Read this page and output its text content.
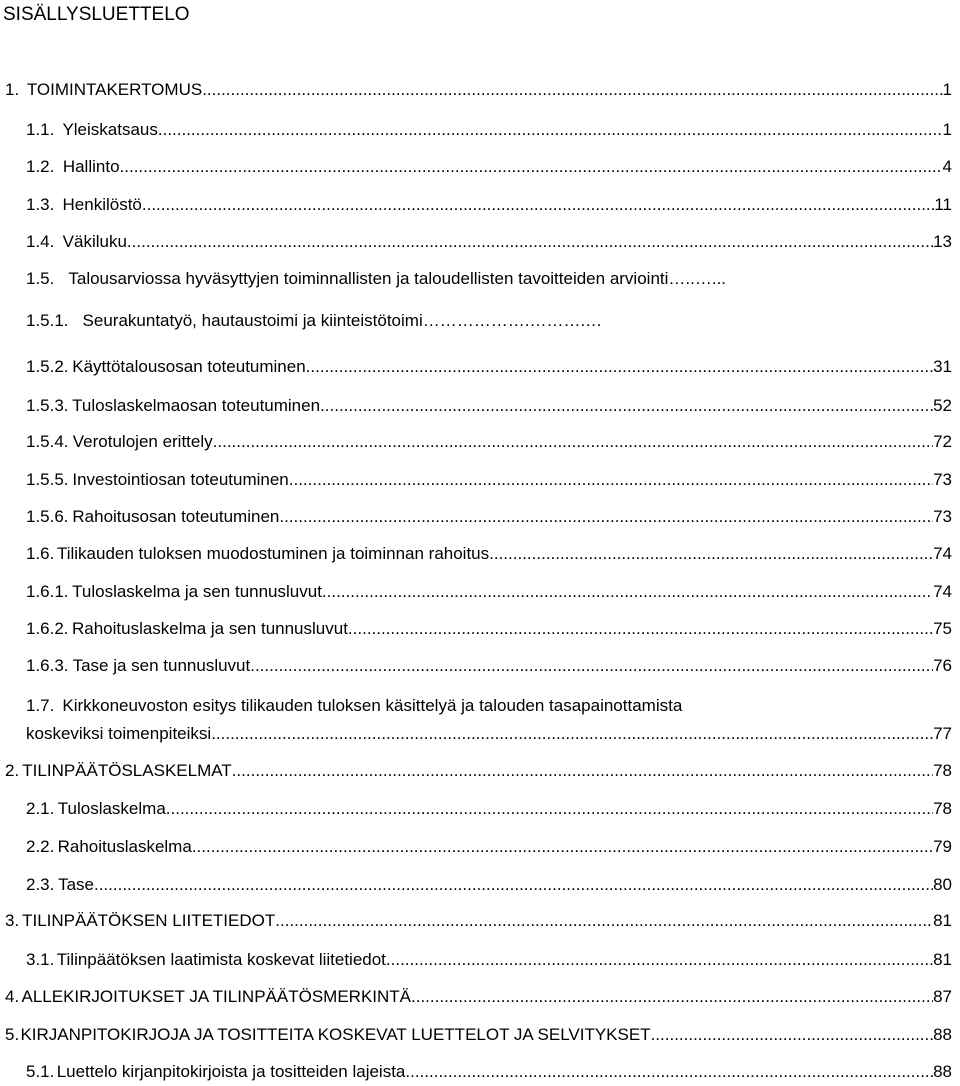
SISÄLLYSLUETTELO
1. TOIMINTAKERTOMUS .....	1
1.1. Yleiskatsaus .....	1
1.2. Hallinto .....	4
1.3. Henkilöstö .....	11
1.4. Väkiluku .....	13
1.5. Talousarviossa hyväsyttyjen toiminnallisten ja taloudellisten tavoitteiden arviointi …..…...
1.5.1. Seurakuntatyö, hautaustoimi ja kiinteistötoimi ……………….……….…
1.5.2. Käyttötalousosan toteutuminen .....	31
1.5.3. Tuloslaskelmaosan toteutuminen .....	52
1.5.4. Verotulojen erittely .....	72
1.5.5. Investointiosan toteutuminen .....	73
1.5.6. Rahoitusosan toteutuminen .....	73
1.6. Tilikauden tuloksen muodostuminen ja toiminnan rahoitus .....	74
1.6.1. Tuloslaskelma ja sen tunnusluvut .....	74
1.6.2. Rahoituslaskelma ja sen tunnusluvut .....	75
1.6.3. Tase ja sen tunnusluvut .....	76
1.7. Kirkkoneuvoston esitys tilikauden tuloksen käsittelyä ja talouden tasapainottamista
koskeviksi toimenpiteiksi .....	77
2. TILINPÄÄTÖSLASKELMAT .....	78
2.1. Tuloslaskelma .....	78
2.2. Rahoituslaskelma .....	79
2.3. Tase .....	80
3. TILINPÄÄTÖKSEN LIITETIEDOT .....	81
3.1. Tilinpäätöksen laatimista koskevat liitetiedot .....	81
4. ALLEKIRJOITUKSET JA TILINPÄÄTÖSMERKINTÄ .....	87
5. KIRJANPITOKIRJOJA JA TOSITTEITA KOSKEVAT LUETTELOT JA SELVITYKSET .....	88
5.1. Luettelo kirjanpitokirjoista ja tositteiden lajeista .....	88
